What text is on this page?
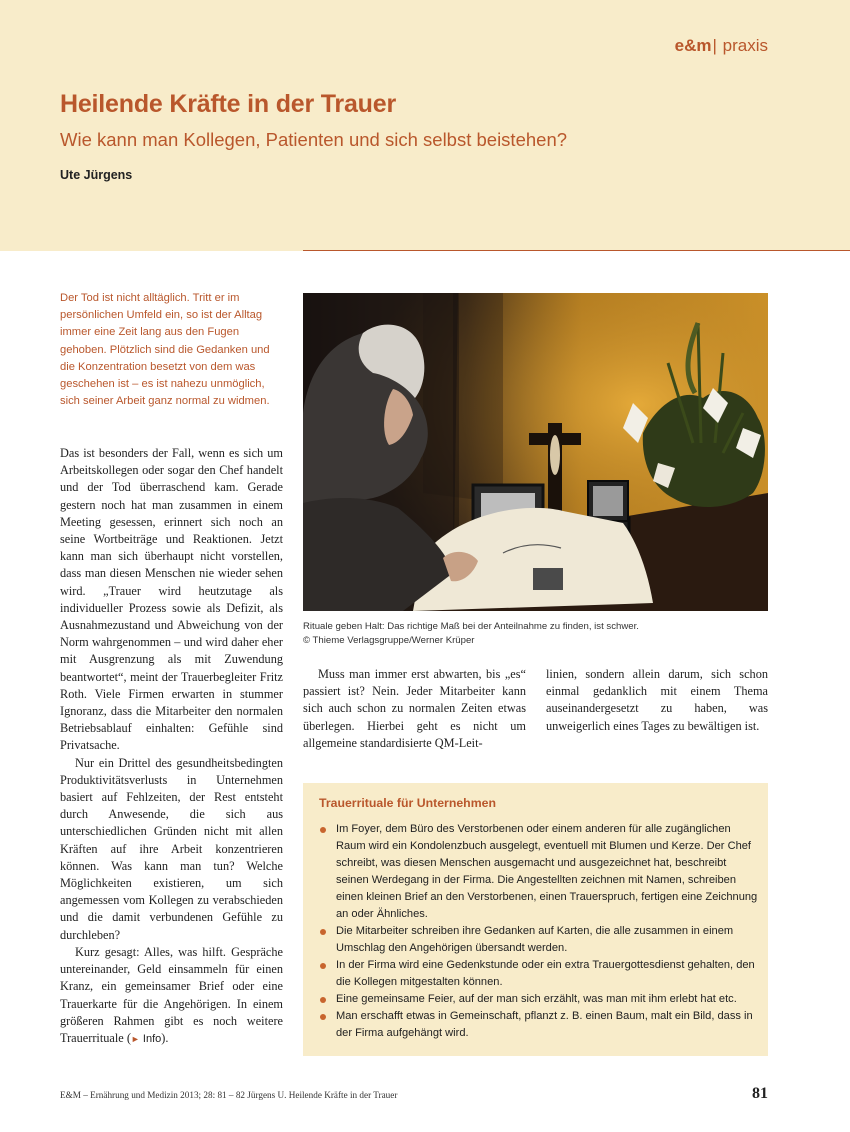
e&m| praxis
Heilende Kräfte in der Trauer
Wie kann man Kollegen, Patienten und sich selbst beistehen?
Ute Jürgens

Der Tod ist nicht alltäglich. Tritt er im persönlichen Umfeld ein, so ist der Alltag immer eine Zeit lang aus den Fugen gehoben. Plötzlich sind die Gedanken und die Konzentration besetzt von dem was geschehen ist – es ist nahezu unmöglich, sich seiner Arbeit ganz normal zu widmen.

Das ist besonders der Fall, wenn es sich um Arbeitskollegen oder sogar den Chef handelt und der Tod überraschend kam. Gerade gestern noch hat man zusammen in einem Meeting gesessen, erinnert sich noch an seine Wortbeiträge und Reaktionen. Jetzt kann man sich überhaupt nicht vorstellen, dass man diesen Menschen nie wieder sehen wird. „Trauer wird heutzutage als individueller Prozess sowie als Defizit, als Ausnahmezustand und Abweichung von der Norm wahrgenommen – und wird daher eher mit Ausgrenzung als mit Zuwendung beantwortet“, meint der Trauerbegleiter Fritz Roth. Viele Firmen erwarten in stummer Ignoranz, dass die Mitarbeiter den normalen Betriebsablauf einhalten: Gefühle sind Privatsache.

Nur ein Drittel des gesundheitsbedingten Produktivitätsverlusts in Unternehmen basiert auf Fehlzeiten, der Rest entsteht durch Anwesende, die sich aus unterschiedlichen Gründen nicht mit allen Kräften auf ihre Arbeit konzentrieren können. Was kann man tun? Welche Möglichkeiten existieren, um sich angemessen vom Kollegen zu verabschieden und die damit verbundenen Gefühle zu durchleben?

Kurz gesagt: Alles, was hilft. Gespräche untereinander, Geld einsammeln für einen Kranz, ein gemeinsamer Brief oder eine Trauerkarte für die Angehörigen. In einem größeren Rahmen gibt es noch weitere Trauerrituale (► Info).

Rituale geben Halt: Das richtige Maß bei der Anteilnahme zu finden, ist schwer.
© Thieme Verlagsgruppe/Werner Krüper

Muss man immer erst abwarten, bis „es“ passiert ist? Nein. Jeder Mitarbeiter kann sich auch schon zu normalen Zeiten etwas überlegen. Hierbei geht es nicht um allgemeine standardisierte QM-Leit-

linien, sondern allein darum, sich schon einmal gedanklich mit einem Thema auseinandergesetzt zu haben, was unweigerlich eines Tages zu bewältigen ist.

Trauerrituale für Unternehmen
Im Foyer, dem Büro des Verstorbenen oder einem anderen für alle zugänglichen Raum wird ein Kondolenzbuch ausgelegt, eventuell mit Blumen und Kerze. Der Chef schreibt, was diesen Menschen ausgemacht und ausgezeichnet hat, beschreibt seinen Werdegang in der Firma. Die Angestellten zeichnen mit Namen, schreiben einen kleinen Brief an den Verstorbenen, einen Trauerspruch, fertigen eine Zeichnung an oder Ähnliches.
Die Mitarbeiter schreiben ihre Gedanken auf Karten, die alle zusammen in einem Umschlag den Angehörigen übersandt werden.
In der Firma wird eine Gedenkstunde oder ein extra Trauergottesdienst gehalten, den die Kollegen mitgestalten können.
Eine gemeinsame Feier, auf der man sich erzählt, was man mit ihm erlebt hat etc.
Man erschafft etwas in Gemeinschaft, pflanzt z. B. einen Baum, malt ein Bild, dass in der Firma aufgehängt wird.
E&M – Ernährung und Medizin 2013; 28: 81 – 82 Jürgens U. Heilende Kräfte in der Trauer	81
